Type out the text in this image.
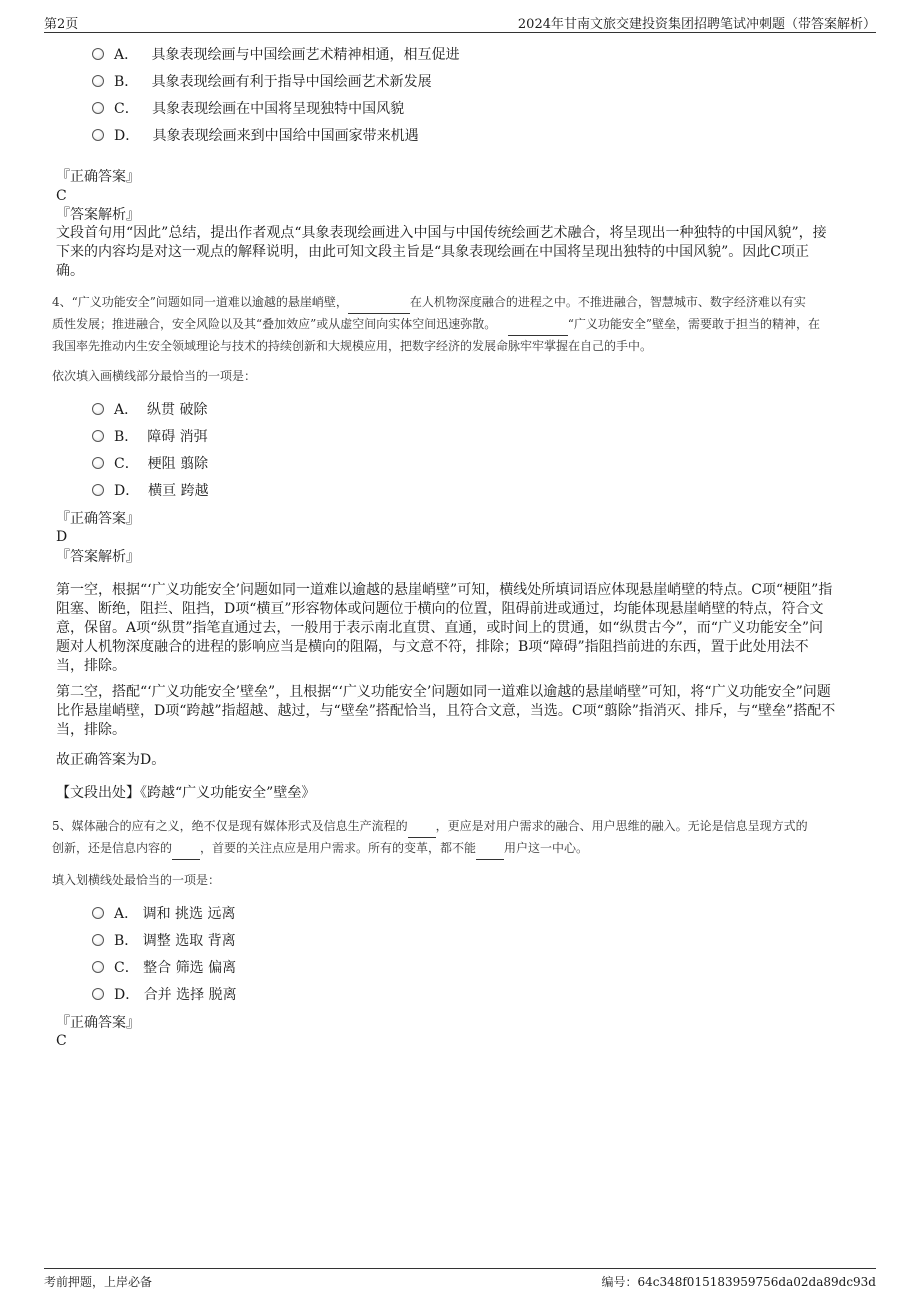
第2页	2024年甘南文旅交建投资集团招聘笔试冲刺题（带答案解析）
A． 具象表现绘画与中国绘画艺术精神相通，相互促进
B． 具象表现绘画有利于指导中国绘画艺术新发展
C． 具象表现绘画在中国将呈现独特中国风貌
D． 具象表现绘画来到中国给中国画家带来机遇
『正确答案』
C
『答案解析』
文段首句用“因此”总结，提出作者观点“具象表现绘画进入中国与中国传统绘画艺术融合，将呈现出一种独特的中国风貌”，接
下来的内容均是对这一观点的解释说明，由此可知文段主旨是“具象表现绘画在中国将呈现出独特的中国风貌”。因此C项正
确。
4、“广义功能安全”问题如同一道难以逾越的悬崖峭壁，	在人机物深度融合的进程之中。不推进融合，智慧城市、数字经济难以有实
质性发展；推进融合，安全风险以及其“叠加效应”或从虚空间向实体空间迅速弥散。	“广义功能安全”壁垒，需要敢于担当的精神，在
我国率先推动内生安全领域理论与技术的持续创新和大规模应用，把数字经济的发展命脉牢牢掌握在自己的手中。
依次填入画横线部分最恰当的一项是：
A． 纵贯 破除
B． 障碍 消弭
C． 梗阻 翦除
D． 横亘 跨越
『正确答案』
D
『答案解析』
第一空，根据“‘广义功能安全’问题如同一道难以逾越的悬崖峭壁”可知，横线处所填词语应体现悬崖峭壁的特点。C项“梗阻”指
阻塞、断绝，阻拦、阻挡，D项“横亘”形容物体或问题位于横向的位置，阻碍前进或通过，均能体现悬崖峭壁的特点，符合文
意，保留。A项“纵贯”指笔直通过去，一般用于表示南北直贯、直通，或时间上的贯通，如“纵贯古今”，而“广义功能安全”问
题对人机物深度融合的进程的影响应当是横向的阻隔，与文意不符，排除；B项“障碍”指阻挡前进的东西，置于此处用法不
当，排除。
第二空，搭配“‘广义功能安全’壁垒”，且根据“‘广义功能安全’问题如同一道难以逾越的悬崖峭壁”可知，将“广义功能安全”问题
比作悬崖峭壁，D项“跨越”指超越、越过，与“壁垒”搭配恰当，且符合文意，当选。C项“翦除”指消灭、排斥，与“壁垒”搭配不
当，排除。
故正确答案为D。
【文段出处】《跨越“广义功能安全”壁垒》
5、媒体融合的应有之义，绝不仅是现有媒体形式及信息生产流程的 ，更应是对用户需求的融合、用户思维的融入。无论是信息呈现方式的
创新，还是信息内容的 ，首要的关注点应是用户需求。所有的变革，都不能 用户这一中心。
填入划横线处最恰当的一项是：
A． 调和 挑选 远离
B． 调整 选取 背离
C． 整合 筛选 偏离
D． 合并 选择 脱离
『正确答案』
C
考前押题，上岸必备	编号：64c348f015183959756da02da89dc93d
